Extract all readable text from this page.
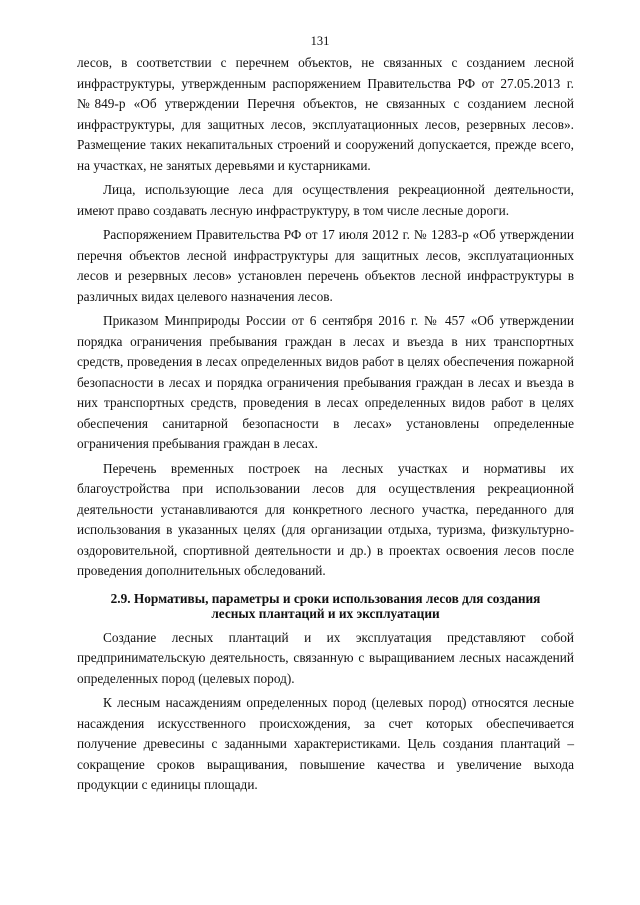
131

лесов, в соответствии с перечнем объектов, не связанных с созданием лесной инфраструктуры, утвержденным распоряжением Правительства РФ от 27.05.2013 г. №849-р «Об утверждении Перечня объектов, не связанных с созданием лесной инфраструктуры, для защитных лесов, эксплуатационных лесов, резервных лесов». Размещение таких некапитальных строений и сооружений допускается, прежде всего, на участках, не занятых деревьями и кустарниками.

Лица, использующие леса для осуществления рекреационной деятельности, имеют право создавать лесную инфраструктуру, в том числе лесные дороги.

Распоряжением Правительства РФ от 17 июля 2012 г. № 1283-р «Об утверждении перечня объектов лесной инфраструктуры для защитных лесов, эксплуатационных лесов и резервных лесов» установлен перечень объектов лесной инфраструктуры в различных видах целевого назначения лесов.

Приказом Минприроды России от 6 сентября 2016 г. № 457 «Об утверждении порядка ограничения пребывания граждан в лесах и въезда в них транспортных средств, проведения в лесах определенных видов работ в целях обеспечения пожарной безопасности в лесах и порядка ограничения пребывания граждан в лесах и въезда в них транспортных средств, проведения в лесах определенных видов работ в целях обеспечения санитарной безопасности в лесах» установлены определенные ограничения пребывания граждан в лесах.

Перечень временных построек на лесных участках и нормативы их благоустройства при использовании лесов для осуществления рекреационной деятельности устанавливаются для конкретного лесного участка, переданного для использования в указанных целях (для организации отдыха, туризма, физкультурно-оздоровительной, спортивной деятельности и др.) в проектах освоения лесов после проведения дополнительных обследований.

2.9. Нормативы, параметры и сроки использования лесов для создания
лесных плантаций и их эксплуатации

Создание лесных плантаций и их эксплуатация представляют собой предпринимательскую деятельность, связанную с выращиванием лесных насаждений определенных пород (целевых пород).

К лесным насаждениям определенных пород (целевых пород) относятся лесные насаждения искусственного происхождения, за счет которых обеспечивается получение древесины с заданными характеристиками. Цель создания плантаций – сокращение сроков выращивания, повышение качества и увеличение выхода продукции с единицы площади.
